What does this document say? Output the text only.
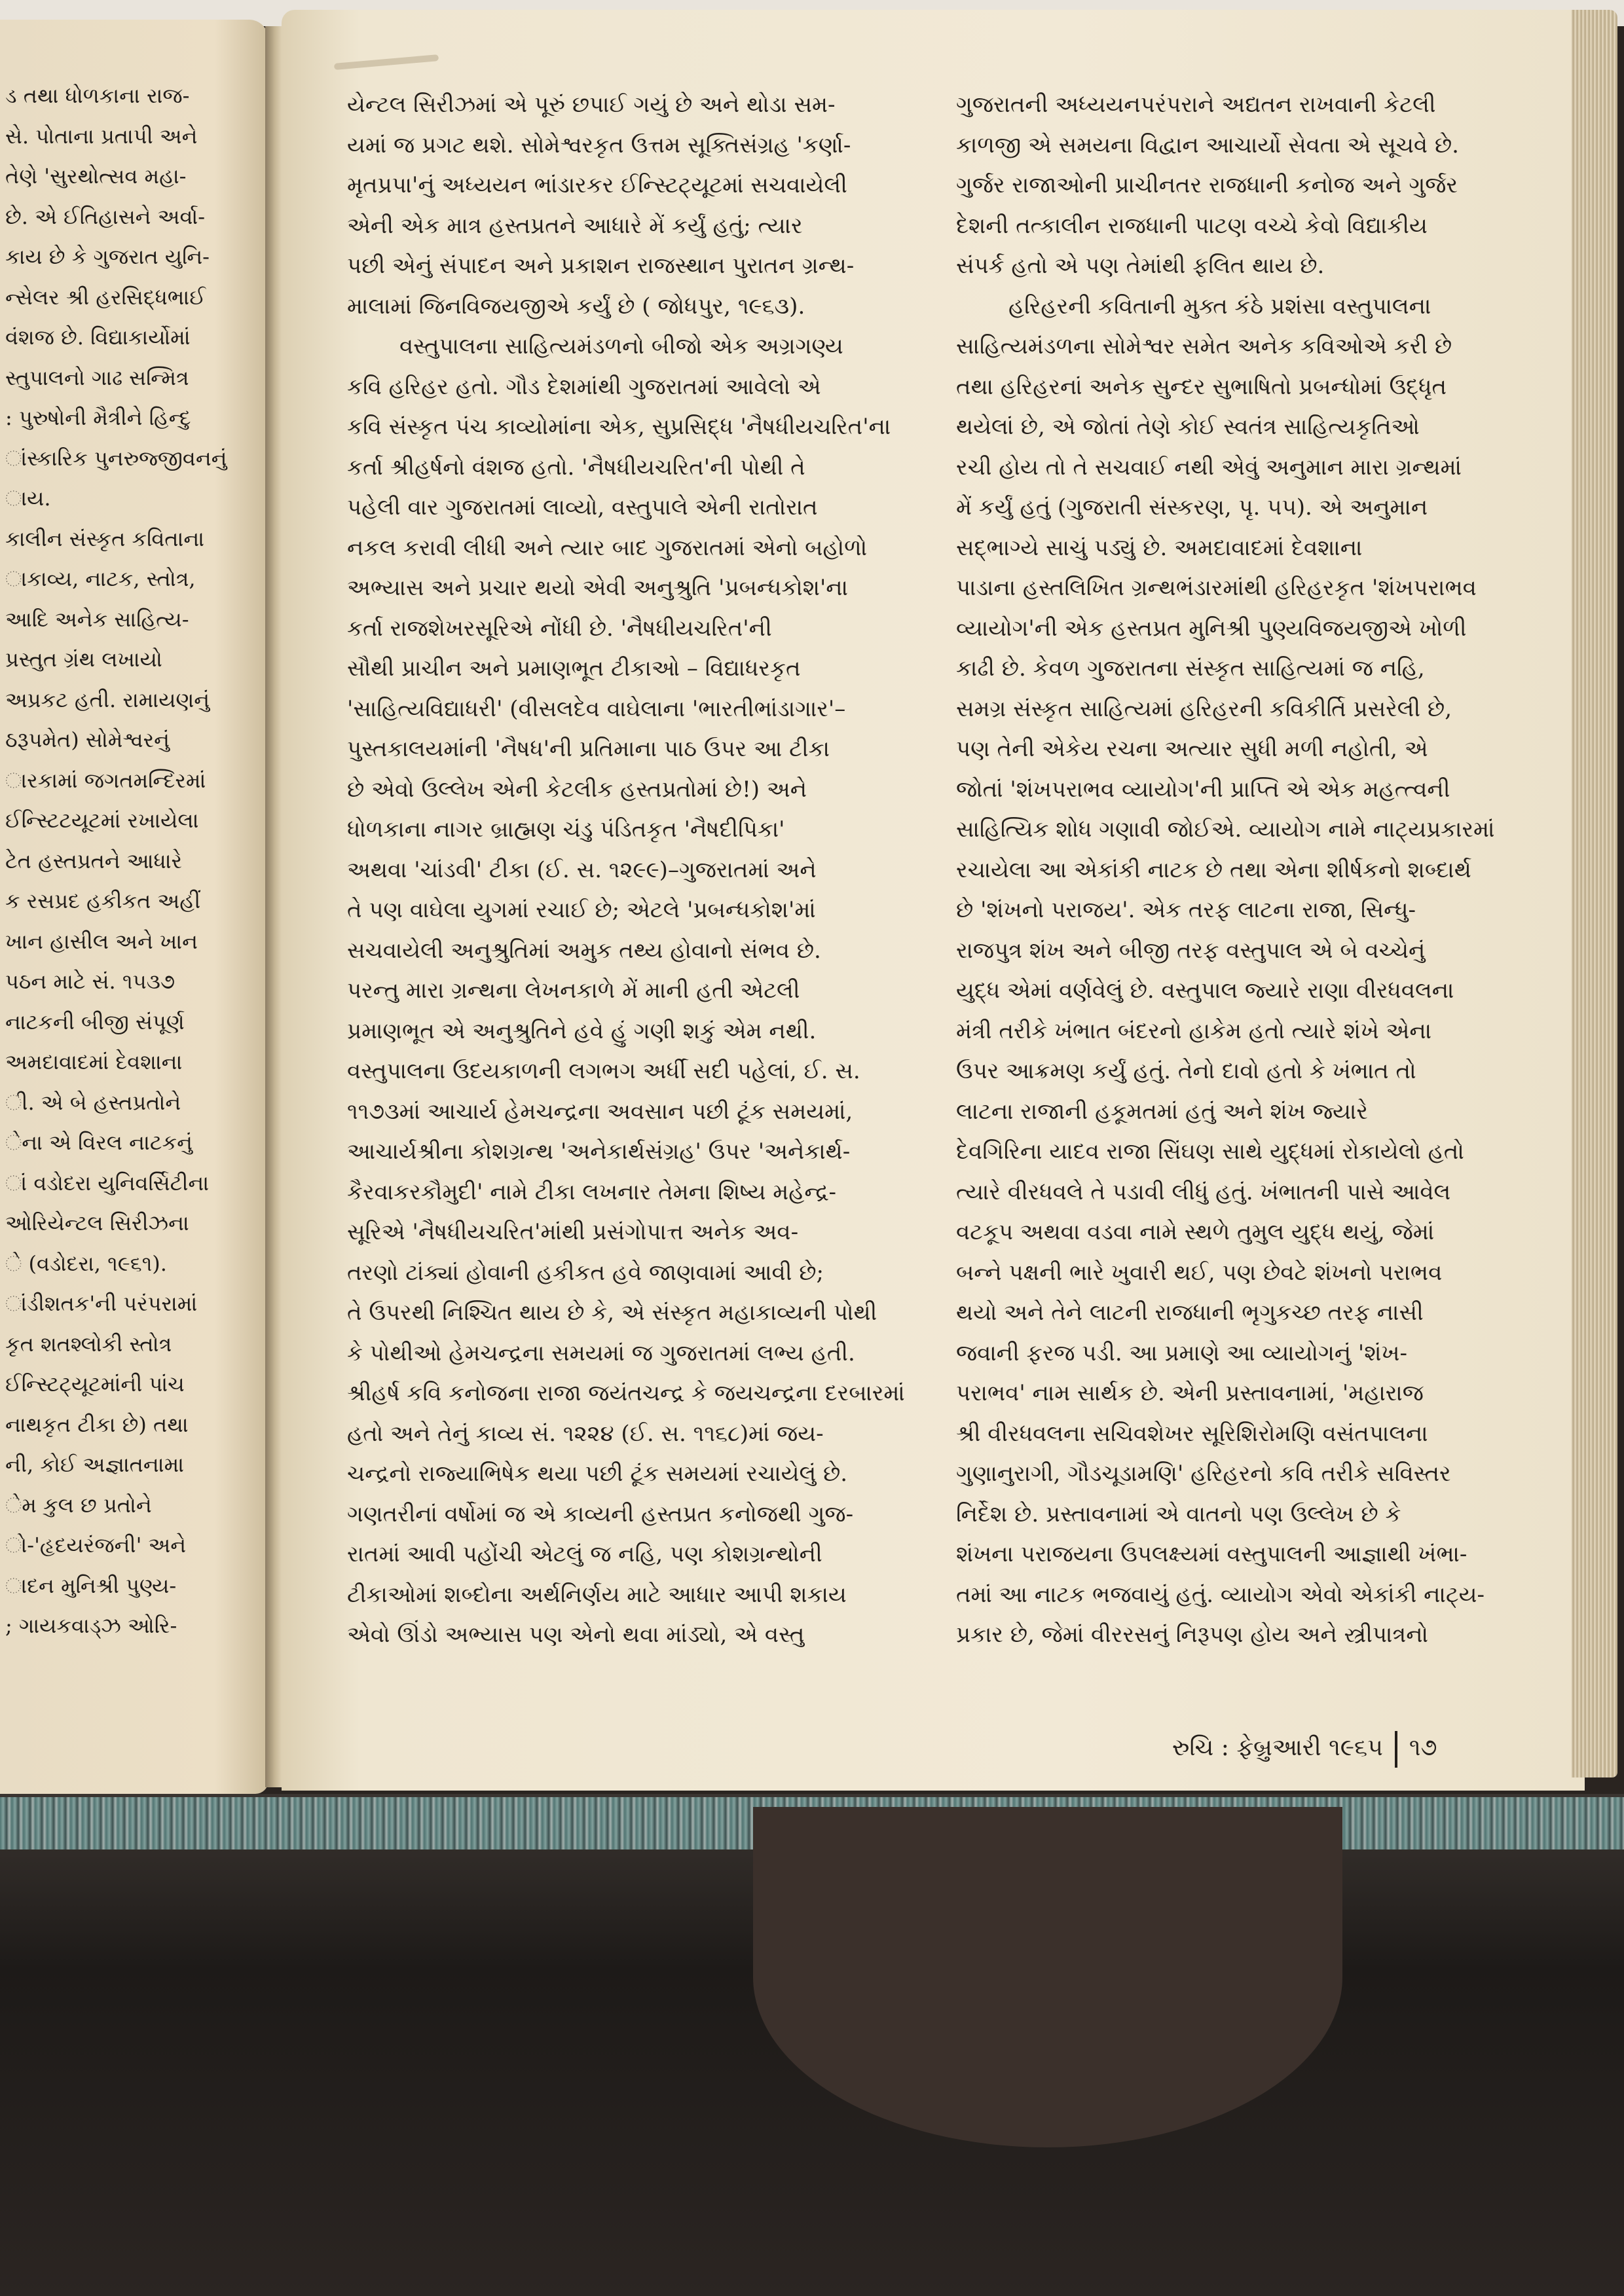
ડ તથા ધોળકાના રાજ-
સે. પોતાના પ્રતાપી અને
તેણે 'સુરથોત્સવ મહા-
છે. એ ઈતિહાસને અર્વા-
કાય છે કે ગુજરાત યુનિ-
ન્સેલર શ્રી હરસિદ્ધભાઈ
વંશજ છે. વિદ્યાકાર્યોમાં
સ્તુપાલનો ગાઢ સન્મિત્ર
: પુરુષોની મૈત્રીને હિન્દુ
ાંસ્કારિક પુનરુજ્જીવનનું
ાય.
કાલીન સંસ્કૃત કવિતાના
ાકાવ્ય, નાટક, સ્તોત્ર,
આદિ અનેક સાહિત્ય-
પ્રસ્તુત ગ્રંથ લખાયો
અપ્રકટ હતી. રામાયણનું
ઠરૂપમેત) સોમેશ્વરનું
ારકામાં જગતમન્દિરમાં
ઈન્સ્ટિટયૂટમાં રખાયેલા
ટેત હસ્તપ્રતને આધારે
ક રસપ્રદ હકીકત અહીં
ખાન હાસીલ અને ખાન
પઠન માટે સં. ૧૫૩૭
નાટકની બીજી સંપૂર્ણ
અમદાવાદમાં દેવશાના
ી. એ બે હસ્તપ્રતોને
ેના એ વિરલ નાટકનું
ાં વડોદરા યુનિવર્સિટીના
ઓરિયેન્ટલ સિરીઝના
ે (વડોદરા, ૧૯૬૧).
ાંડીશતક'ની પરંપરામાં
કૃત શતશ્લોકી સ્તોત્ર
ઈન્સ્ટિટ્યૂટમાંની પાંચ
નાથકૃત ટીકા છે) તથા
ની, કોઈ અજ્ઞાતનામા
ેમ કુલ છ પ્રતોને
ો-'હૃદયરંજની' અને
ાદન મુનિશ્રી પુણ્ય-
; ગાયકવાડ્ઝ ઓરિ-
યેન્ટલ સિરીઝમાં એ પૂરું છપાઈ ગયું છે અને થોડા સમ-
યમાં જ પ્રગટ થશે. સોમેશ્વરકૃત ઉત્તમ સૂક્તિસંગ્રહ 'કર્ણા-
મૃતપ્રપા'નું અધ્યયન ભાંડારકર ઈન્સ્ટિટ્યૂટમાં સચવાયેલી
એની એક માત્ર હસ્તપ્રતને આધારે મેં કર્યું હતું; ત્યાર
પછી એનું સંપાદન અને પ્રકાશન રાજસ્થાન પુરાતન ગ્રન્થ-
માલામાં જિનવિજયજીએ કર્યું છે ( જોધપુર, ૧૯૬૩).
વસ્તુપાલના સાહિત્યમંડળનો બીજો એક અગ્રગણ્ય
કવિ હરિહર હતો. ગૌડ દેશમાંથી ગુજરાતમાં આવેલો એ
કવિ સંસ્કૃત પંચ કાવ્યોમાંના એક, સુપ્રસિદ્ધ 'નૈષધીયચરિત'ના
કર્તા શ્રીહર્ષનો વંશજ હતો. 'નૈષધીયચરિત'ની પોથી તે
પહેલી વાર ગુજરાતમાં લાવ્યો, વસ્તુપાલે એની રાતોરાત
નકલ કરાવી લીધી અને ત્યાર બાદ ગુજરાતમાં એનો બહોળો
અભ્યાસ અને પ્રચાર થયો એવી અનુશ્રુતિ 'પ્રબન્ધકોશ'ના
કર્તા રાજશેખરસૂરિએ નોંધી છે. 'નૈષધીયચરિત'ની
સૌથી પ્રાચીન અને પ્રમાણભૂત ટીકાઓ – વિદ્યાધરકૃત
'સાહિત્યવિદ્યાધરી' (વીસલદેવ વાઘેલાના 'ભારતીભાંડાગાર'–
પુસ્તકાલયમાંની 'નૈષધ'ની પ્રતિમાના પાઠ ઉપર આ ટીકા
છે એવો ઉલ્લેખ એની કેટલીક હસ્તપ્રતોમાં છે!) અને
ધોળકાના નાગર બ્રાહ્મણ ચંડુ પંડિતકૃત 'નૈષદીપિકા'
અથવા 'ચાંડવી' ટીકા (ઈ. સ. ૧૨૯૯)–ગુજરાતમાં અને
તે પણ વાઘેલા યુગમાં રચાઈ છે; એટલે 'પ્રબન્ધકોશ'માં
સચવાયેલી અનુશ્રુતિમાં અમુક તથ્ય હોવાનો સંભવ છે.
પરન્તુ મારા ગ્રન્થના લેખનકાળે મેં માની હતી એટલી
પ્રમાણભૂત એ અનુશ્રુતિને હવે હું ગણી શકું એમ નથી.
વસ્તુપાલના ઉદયકાળની લગભગ અર્ધી સદી પહેલાં, ઈ. સ.
૧૧૭૩માં આચાર્ય હેમચન્દ્રના અવસાન પછી ટૂંક સમયમાં,
આચાર્યશ્રીના કોશગ્રન્થ 'અનેકાર્થસંગ્રહ' ઉપર 'અનેકાર્થ-
કૈરવાકરકૌમુદી' નામે ટીકા લખનાર તેમના શિષ્ય મહેન્દ્ર-
સૂરિએ 'નૈષધીયચરિત'માંથી પ્રસંગોપાત્ત અનેક અવ-
તરણો ટાંક્યાં હોવાની હકીકત હવે જાણવામાં આવી છે;
તે ઉપરથી નિશ્ચિત થાય છે કે, એ સંસ્કૃત મહાકાવ્યની પોથી
કે પોથીઓ હેમચન્દ્રના સમયમાં જ ગુજરાતમાં લભ્ય હતી.
શ્રીહર્ષ કવિ કનોજના રાજા જયંતચન્દ્ર કે જયચન્દ્રના દરબારમાં
હતો અને તેનું કાવ્ય સં. ૧૨૨૪ (ઈ. સ. ૧૧૬૮)માં જય-
ચન્દ્રનો રાજ્યાભિષેક થયા પછી ટૂંક સમયમાં રચાયેલું છે.
ગણતરીનાં વર્ષોમાં જ એ કાવ્યની હસ્તપ્રત કનોજથી ગુજ-
રાતમાં આવી પહોંચી એટલું જ નહિ, પણ કોશગ્રન્થોની
ટીકાઓમાં શબ્દોના અર્થનિર્ણય માટે આધાર આપી શકાય
એવો ઊંડો અભ્યાસ પણ એનો થવા માંડ્યો, એ વસ્તુ
ગુજરાતની અધ્યયનપરંપરાને અદ્યતન રાખવાની કેટલી
કાળજી એ સમયના વિદ્વાન આચાર્યો સેવતા એ સૂચવે છે.
ગુર્જર રાજાઓની પ્રાચીનતર રાજધાની કનોજ અને ગુર્જર
દેશની તત્કાલીન રાજધાની પાટણ વચ્ચે કેવો વિદ્યાકીય
સંપર્ક હતો એ પણ તેમાંથી ફલિત થાય છે.
હરિહરની કવિતાની મુક્ત કંઠે પ્રશંસા વસ્તુપાલના
સાહિત્યમંડળના સોમેશ્વર સમેત અનેક કવિઓએ કરી છે
તથા હરિહરનાં અનેક સુન્દર સુભાષિતો પ્રબન્ધોમાં ઉદ્ધૃત
થયેલાં છે, એ જોતાં તેણે કોઈ સ્વતંત્ર સાહિત્યકૃતિઓ
રચી હોય તો તે સચવાઈ નથી એવું અનુમાન મારા ગ્રન્થમાં
મેં કર્યું હતું (ગુજરાતી સંસ્કરણ, પૃ. ૫૫). એ અનુમાન
સદ્ભાગ્યે સાચું પડ્યું છે. અમદાવાદમાં દેવશાના
પાડાના હસ્તલિખિત ગ્રન્થભંડારમાંથી હરિહરકૃત 'શંખપરાભવ
વ્યાયોગ'ની એક હસ્તપ્રત મુનિશ્રી પુણ્યવિજયજીએ ખોળી
કાઢી છે. કેવળ ગુજરાતના સંસ્કૃત સાહિત્યમાં જ નહિ,
સમગ્ર સંસ્કૃત સાહિત્યમાં હરિહરની કવિકીર્તિ પ્રસરેલી છે,
પણ તેની એકેય રચના અત્યાર સુધી મળી નહોતી, એ
જોતાં 'શંખપરાભવ વ્યાયોગ'ની પ્રાપ્તિ એ એક મહત્ત્વની
સાહિત્યિક શોધ ગણાવી જોઈએ. વ્યાયોગ નામે નાટ્યપ્રકારમાં
રચાયેલા આ એકાંકી નાટક છે તથા એના શીર્ષકનો શબ્દાર્થ
છે 'શંખનો પરાજય'. એક તરફ લાટના રાજા, સિન્ધુ-
રાજપુત્ર શંખ અને બીજી તરફ વસ્તુપાલ એ બે વચ્ચેનું
યુદ્ધ એમાં વર્ણવેલું છે. વસ્તુપાલ જ્યારે રાણા વીરધવલના
મંત્રી તરીકે ખંભાત બંદરનો હાકેમ હતો ત્યારે શંખે એના
ઉપર આક્રમણ કર્યું હતું. તેનો દાવો હતો કે ખંભાત તો
લાટના રાજાની હકૂમતમાં હતું અને શંખ જ્યારે
દેવગિરિના યાદવ રાજા સિંઘણ સાથે યુદ્ધમાં રોકાયેલો હતો
ત્યારે વીરધવલે તે પડાવી લીધું હતું. ખંભાતની પાસે આવેલ
વટકૂપ અથવા વડવા નામે સ્થળે તુમુલ યુદ્ધ થયું, જેમાં
બન્ને પક્ષની ભારે ખુવારી થઈ, પણ છેવટે શંખનો પરાભવ
થયો અને તેને લાટની રાજધાની ભૃગુકચ્છ તરફ નાસી
જવાની ફરજ પડી. આ પ્રમાણે આ વ્યાયોગનું 'શંખ-
પરાભવ' નામ સાર્થક છે. એની પ્રસ્તાવનામાં, 'મહારાજ
શ્રી વીરધવલના સચિવશેખર સૂરિશિરોમણિ વસંતપાલના
ગુણાનુરાગી, ગૌડચૂડામણિ' હરિહરનો કવિ તરીકે સવિસ્તર
નિર્દેશ છે. પ્રસ્તાવનામાં એ વાતનો પણ ઉલ્લેખ છે કે
શંખના પરાજયના ઉપલક્ષ્યમાં વસ્તુપાલની આજ્ઞાથી ખંભા-
તમાં આ નાટક ભજવાયું હતું. વ્યાયોગ એવો એકાંકી નાટ્ય-
પ્રકાર છે, જેમાં વીરરસનું નિરૂપણ હોય અને સ્ત્રીપાત્રનો
રુચિ : ફેબ્રુઆરી ૧૯૬૫ ૧૭
